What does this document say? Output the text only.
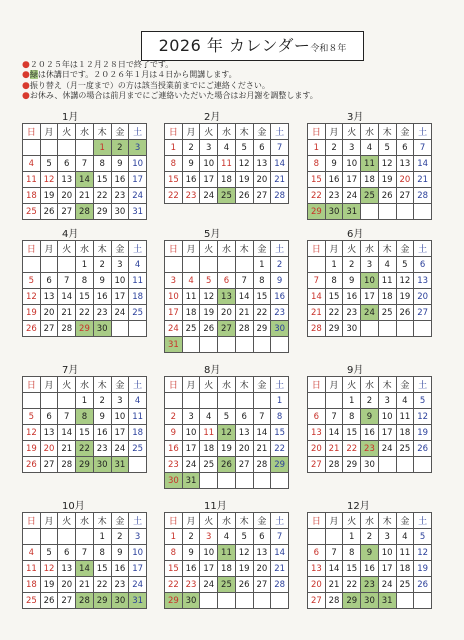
2026 年 カレンダー令和８年
●２０２５年は１２月２８日で終了です。
●緑は休講日です。２０２６年１月は４日から開講します。
●振り替え（月一度まで）の方は該当授業前までにご連絡ください。
●お休み、休講の場合は前月までにご連絡いただいた場合はお月謝を調整します。
1月
日	月	火	水	木	金	土
				1	2	3
4	5	6	7	8	9	10
11	12	13	14	15	16	17
18	19	20	21	22	23	24
25	26	27	28	29	30	31
2月
日	月	火	水	木	金	土
1	2	3	4	5	6	7
8	9	10	11	12	13	14
15	16	17	18	19	20	21
22	23	24	25	26	27	28
3月
日	月	火	水	木	金	土
1	2	3	4	5	6	7
8	9	10	11	12	13	14
15	16	17	18	19	20	21
22	23	24	25	26	27	28
29	30	31				
4月
日	月	火	水	木	金	土
			1	2	3	4
5	6	7	8	9	10	11
12	13	14	15	16	17	18
19	20	21	22	23	24	25
26	27	28	29	30		
5月
日	月	火	水	木	金	土
					1	2
3	4	5	6	7	8	9
10	11	12	13	14	15	16
17	18	19	20	21	22	23
24	25	26	27	28	29	30
31						
6月
日	月	火	水	木	金	土
	1	2	3	4	5	6
7	8	9	10	11	12	13
14	15	16	17	18	19	20
21	22	23	24	25	26	27
28	29	30				
7月
日	月	火	水	木	金	土
			1	2	3	4
5	6	7	8	9	10	11
12	13	14	15	16	17	18
19	20	21	22	23	24	25
26	27	28	29	30	31	
8月
日	月	火	水	木	金	土
						1
2	3	4	5	6	7	8
9	10	11	12	13	14	15
16	17	18	19	20	21	22
23	24	25	26	27	28	29
30	31					
9月
日	月	火	水	木	金	土
		1	2	3	4	5
6	7	8	9	10	11	12
13	14	15	16	17	18	19
20	21	22	23	24	25	26
27	28	29	30			
10月
日	月	火	水	木	金	土
				1	2	3
4	5	6	7	8	9	10
11	12	13	14	15	16	17
18	19	20	21	22	23	24
25	26	27	28	29	30	31
11月
日	月	火	水	木	金	土
1	2	3	4	5	6	7
8	9	10	11	12	13	14
15	16	17	18	19	20	21
22	23	24	25	26	27	28
29	30					
12月
日	月	火	水	木	金	土
		1	2	3	4	5
6	7	8	9	10	11	12
13	14	15	16	17	18	19
20	21	22	23	24	25	26
27	28	29	30	31		
